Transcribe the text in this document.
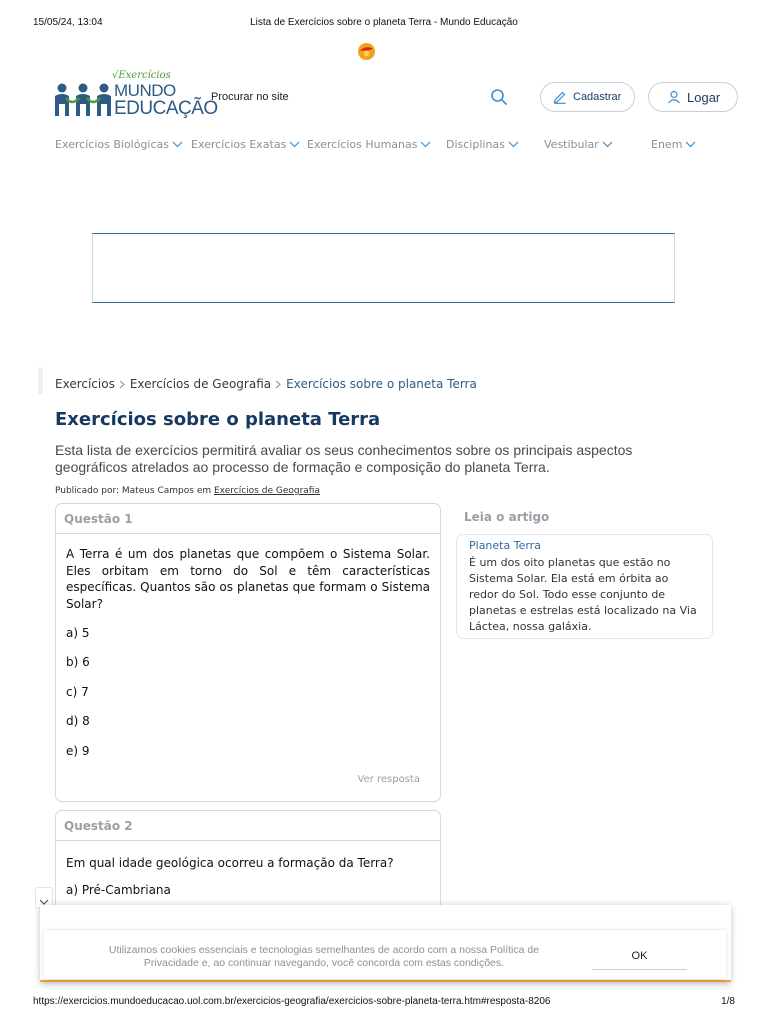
15/05/24, 13:04	Lista de Exercícios sobre o planeta Terra - Mundo Educação
√Exercícios
MUNDO
EDUCAÇÃO
Procurar no site	Cadastrar	Logar
Exercícios Biológicas Exercícios Exatas Exercícios Humanas	Disciplinas	Vestibular	Enem
Exercícios Exercícios de Geografia Exercícios sobre o planeta Terra
Exercícios sobre o planeta Terra

Esta lista de exercícios permitirá avaliar os seus conhecimentos sobre os principais aspectos geográficos atrelados ao processo de formação e composição do planeta Terra.

Publicado por: Mateus Campos em Exercícios de Geografia
Questão 1
A Terra é um dos planetas que compõem o Sistema Solar. Eles orbitam em torno do Sol e têm características específicas. Quantos são os planetas que formam o Sistema Solar?
a) 5
b) 6
c) 7
d) 8
e) 9
Ver resposta
Questão 2
Em qual idade geológica ocorreu a formação da Terra?
a) Pré-Cambriana
Leia o artigo
Planeta Terra
É um dos oito planetas que estão no Sistema Solar. Ela está em órbita ao redor do Sol. Todo esse conjunto de planetas e estrelas está localizado na Via Láctea, nossa galáxia.
Utilizamos cookies essenciais e tecnologias semelhantes de acordo com a nossa Política de Privacidade e, ao continuar navegando, você concorda com estas condições.
OK
https://exercicios.mundoeducacao.uol.com.br/exercicios-geografia/exercicios-sobre-planeta-terra.htm#resposta-8206	1/8
